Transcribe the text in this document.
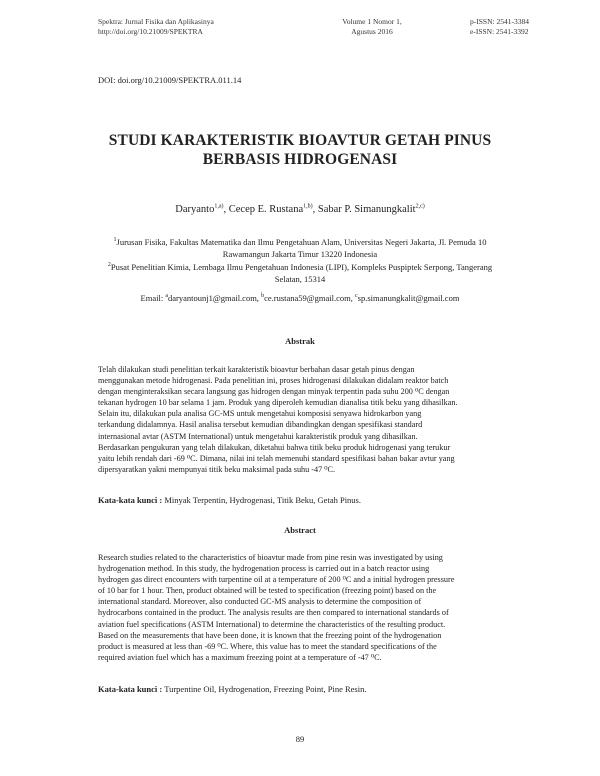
Spektra: Jurnal Fisika dan Aplikasinya
http://doi.org/10.21009/SPEKTRA
Volume 1 Nomor 1,
Agustus 2016
p-ISSN: 2541-3384
e-ISSN: 2541-3392
DOI: doi.org/10.21009/SPEKTRA.011.14
STUDI KARAKTERISTIK BIOAVTUR GETAH PINUS
BERBASIS HIDROGENASI
Daryanto$^{1,a)}$, Cecep E. Rustana$^{1,b)}$, Sabar P. Simanungkalit$^{2,c)}$
$^1$Jurusan Fisika, Fakultas Matematika dan Ilmu Pengetahuan Alam, Universitas Negeri Jakarta, Jl. Pemuda 10
Rawamangun Jakarta Timur 13220 Indonesia
$^2$Pusat Penelitian Kimia, Lembaga Ilmu Pengetahuan Indonesia (LIPI), Kompleks Puspiptek Serpong, Tangerang
Selatan, 15314
Email: $^a$daryantounj1@gmail.com, $^b$ce.rustana59@gmail.com, $^c$sp.simanungkalit@gmail.com
Abstrak
Telah dilakukan studi penelitian terkait karakteristik bioavtur berbahan dasar getah pinus dengan
menggunakan metode hidrogenasi. Pada penelitian ini, proses hidrogenasi dilakukan didalam reaktor batch
dengan menginteraksikan secara langsung gas hidrogen dengan minyak terpentin pada suhu 200 ⁰C dengan
tekanan hydrogen 10 bar selama 1 jam. Produk yang diperoleh kemudian dianalisa titik beku yang dihasilkan.
Selain itu, dilakukan pula analisa GC-MS untuk mengetahui komposisi senyawa hidrokarbon yang
terkandung didalamnya. Hasil analisa tersebut kemudian dibandingkan dengan spesifikasi standard
internasional avtar (ASTM International) untuk mengetahui karakteristik produk yang dihasilkan.
Berdasarkan pengukuran yang telah dilakukan, diketahui bahwa titik beku produk hidrogenasi yang terukur
yaitu lebih rendah dari -69 ⁰C. Dimana, nilai ini telah memenuhi standard spesifikasi bahan bakar avtur yang
dipersyaratkan yakni mempunyai titik beku maksimal pada suhu -47 ⁰C.
Kata-kata kunci : Minyak Terpentin, Hydrogenasi, Titik Beku, Getah Pinus.
Abstract
Research studies related to the characteristics of bioavtur made from pine resin was investigated by using
hydrogenation method. In this study, the hydrogenation process is carried out in a batch reactor using
hydrogen gas direct encounters with turpentine oil at a temperature of 200 ⁰C and a initial hydrogen pressure
of 10 bar for 1 hour. Then, product obtained will be tested to specification (freezing point) based on the
international standard. Moreover, also conducted GC-MS analysis to determine the composition of
hydrocarbons contained in the product. The analysis results are then compared to international standards of
aviation fuel specifications (ASTM International) to determine the characteristics of the resulting product.
Based on the measurements that have been done, it is known that the freezing point of the hydrogenation
product is measured at less than -69 ⁰C. Where, this value has to meet the standard specifications of the
required aviation fuel which has a maximum freezing point at a temperature of -47 ⁰C.
Kata-kata kunci : Turpentine Oil, Hydrogenation, Freezing Point, Pine Resin.
89
